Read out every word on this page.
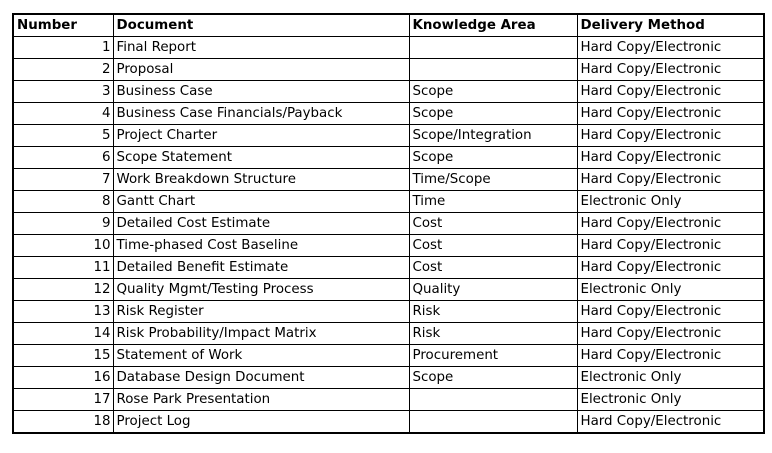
Number	Document	Knowledge Area	Delivery Method
1	Final Report		Hard Copy/Electronic
2	Proposal		Hard Copy/Electronic
3	Business Case	Scope	Hard Copy/Electronic
4	Business Case Financials/Payback	Scope	Hard Copy/Electronic
5	Project Charter	Scope/Integration	Hard Copy/Electronic
6	Scope Statement	Scope	Hard Copy/Electronic
7	Work Breakdown Structure	Time/Scope	Hard Copy/Electronic
8	Gantt Chart	Time	Electronic Only
9	Detailed Cost Estimate	Cost	Hard Copy/Electronic
10	Time-phased Cost Baseline	Cost	Hard Copy/Electronic
11	Detailed Benefit Estimate	Cost	Hard Copy/Electronic
12	Quality Mgmt/Testing Process	Quality	Electronic Only
13	Risk Register	Risk	Hard Copy/Electronic
14	Risk Probability/Impact Matrix	Risk	Hard Copy/Electronic
15	Statement of Work	Procurement	Hard Copy/Electronic
16	Database Design Document	Scope	Electronic Only
17	Rose Park Presentation		Electronic Only
18	Project Log		Hard Copy/Electronic
